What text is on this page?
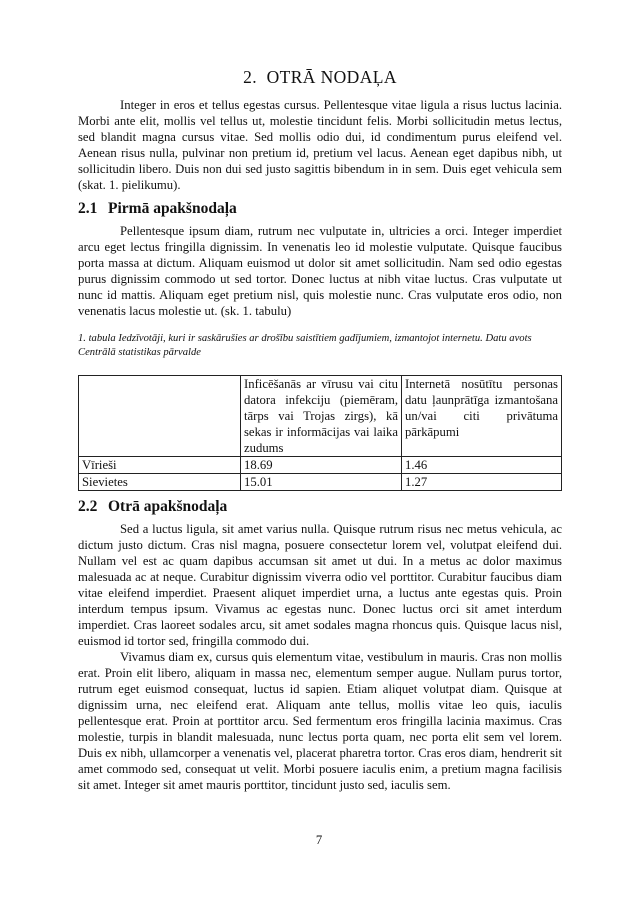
2.  OTRĀ NODAĻA

Integer in eros et tellus egestas cursus. Pellentesque vitae ligula a risus luctus lacinia. Morbi ante elit, mollis vel tellus ut, molestie tincidunt felis. Morbi sollicitudin metus lectus, sed blandit magna cursus vitae. Sed mollis odio dui, id condimentum purus eleifend vel. Aenean risus nulla, pulvinar non pretium id, pretium vel lacus. Aenean eget dapibus nibh, ut sollicitudin libero. Duis non dui sed justo sagittis bibendum in in sem. Duis eget vehicula sem (skat. 1. pielikumu).

2.1 Pirmā apakšnodaļa

Pellentesque ipsum diam, rutrum nec vulputate in, ultricies a orci. Integer imperdiet arcu eget lectus fringilla dignissim. In venenatis leo id molestie vulputate. Quisque faucibus porta massa at dictum. Aliquam euismod ut dolor sit amet sollicitudin. Nam sed odio egestas purus dignissim commodo ut sed tortor. Donec luctus at nibh vitae luctus. Cras vulputate ut nunc id mattis. Aliquam eget pretium nisl, quis molestie nunc. Cras vulputate eros odio, non venenatis lacus molestie ut. (sk. 1. tabulu)

1. tabula Iedzīvotāji, kuri ir saskārušies ar drošību saistītiem gadījumiem, izmantojot internetu. Datu avots Centrālā statistikas pārvalde
	Inficēšanās ar vīrusu vai citu datora infekciju (piemēram, tārps vai Trojas zirgs), kā sekas ir informācijas vai laika zudums	Internetā nosūtītu personas datu ļaunprātīga izmantošana un/vai citi privātuma pārkāpumi
Vīrieši	18.69	1.46
Sievietes	15.01	1.27
2.2 Otrā apakšnodaļa

Sed a luctus ligula, sit amet varius nulla. Quisque rutrum risus nec metus vehicula, ac dictum justo dictum. Cras nisl magna, posuere consectetur lorem vel, volutpat eleifend dui. Nullam vel est ac quam dapibus accumsan sit amet ut dui. In a metus ac dolor maximus malesuada ac at neque. Curabitur dignissim viverra odio vel porttitor. Curabitur faucibus diam vitae eleifend imperdiet. Praesent aliquet imperdiet urna, a luctus ante egestas quis. Proin interdum tempus ipsum. Vivamus ac egestas nunc. Donec luctus orci sit amet interdum imperdiet. Cras laoreet sodales arcu, sit amet sodales magna rhoncus quis. Quisque lacus nisl, euismod id tortor sed, fringilla commodo dui.

Vivamus diam ex, cursus quis elementum vitae, vestibulum in mauris. Cras non mollis erat. Proin elit libero, aliquam in massa nec, elementum semper augue. Nullam purus tortor, rutrum eget euismod consequat, luctus id sapien. Etiam aliquet volutpat diam. Quisque at dignissim urna, nec eleifend erat. Aliquam ante tellus, mollis vitae leo quis, iaculis pellentesque erat. Proin at porttitor arcu. Sed fermentum eros fringilla lacinia maximus. Cras molestie, turpis in blandit malesuada, nunc lectus porta quam, nec porta elit sem vel lorem. Duis ex nibh, ullamcorper a venenatis vel, placerat pharetra tortor. Cras eros diam, hendrerit sit amet commodo sed, consequat ut velit. Morbi posuere iaculis enim, a pretium magna facilisis sit amet. Integer sit amet mauris porttitor, tincidunt justo sed, iaculis sem.

7
